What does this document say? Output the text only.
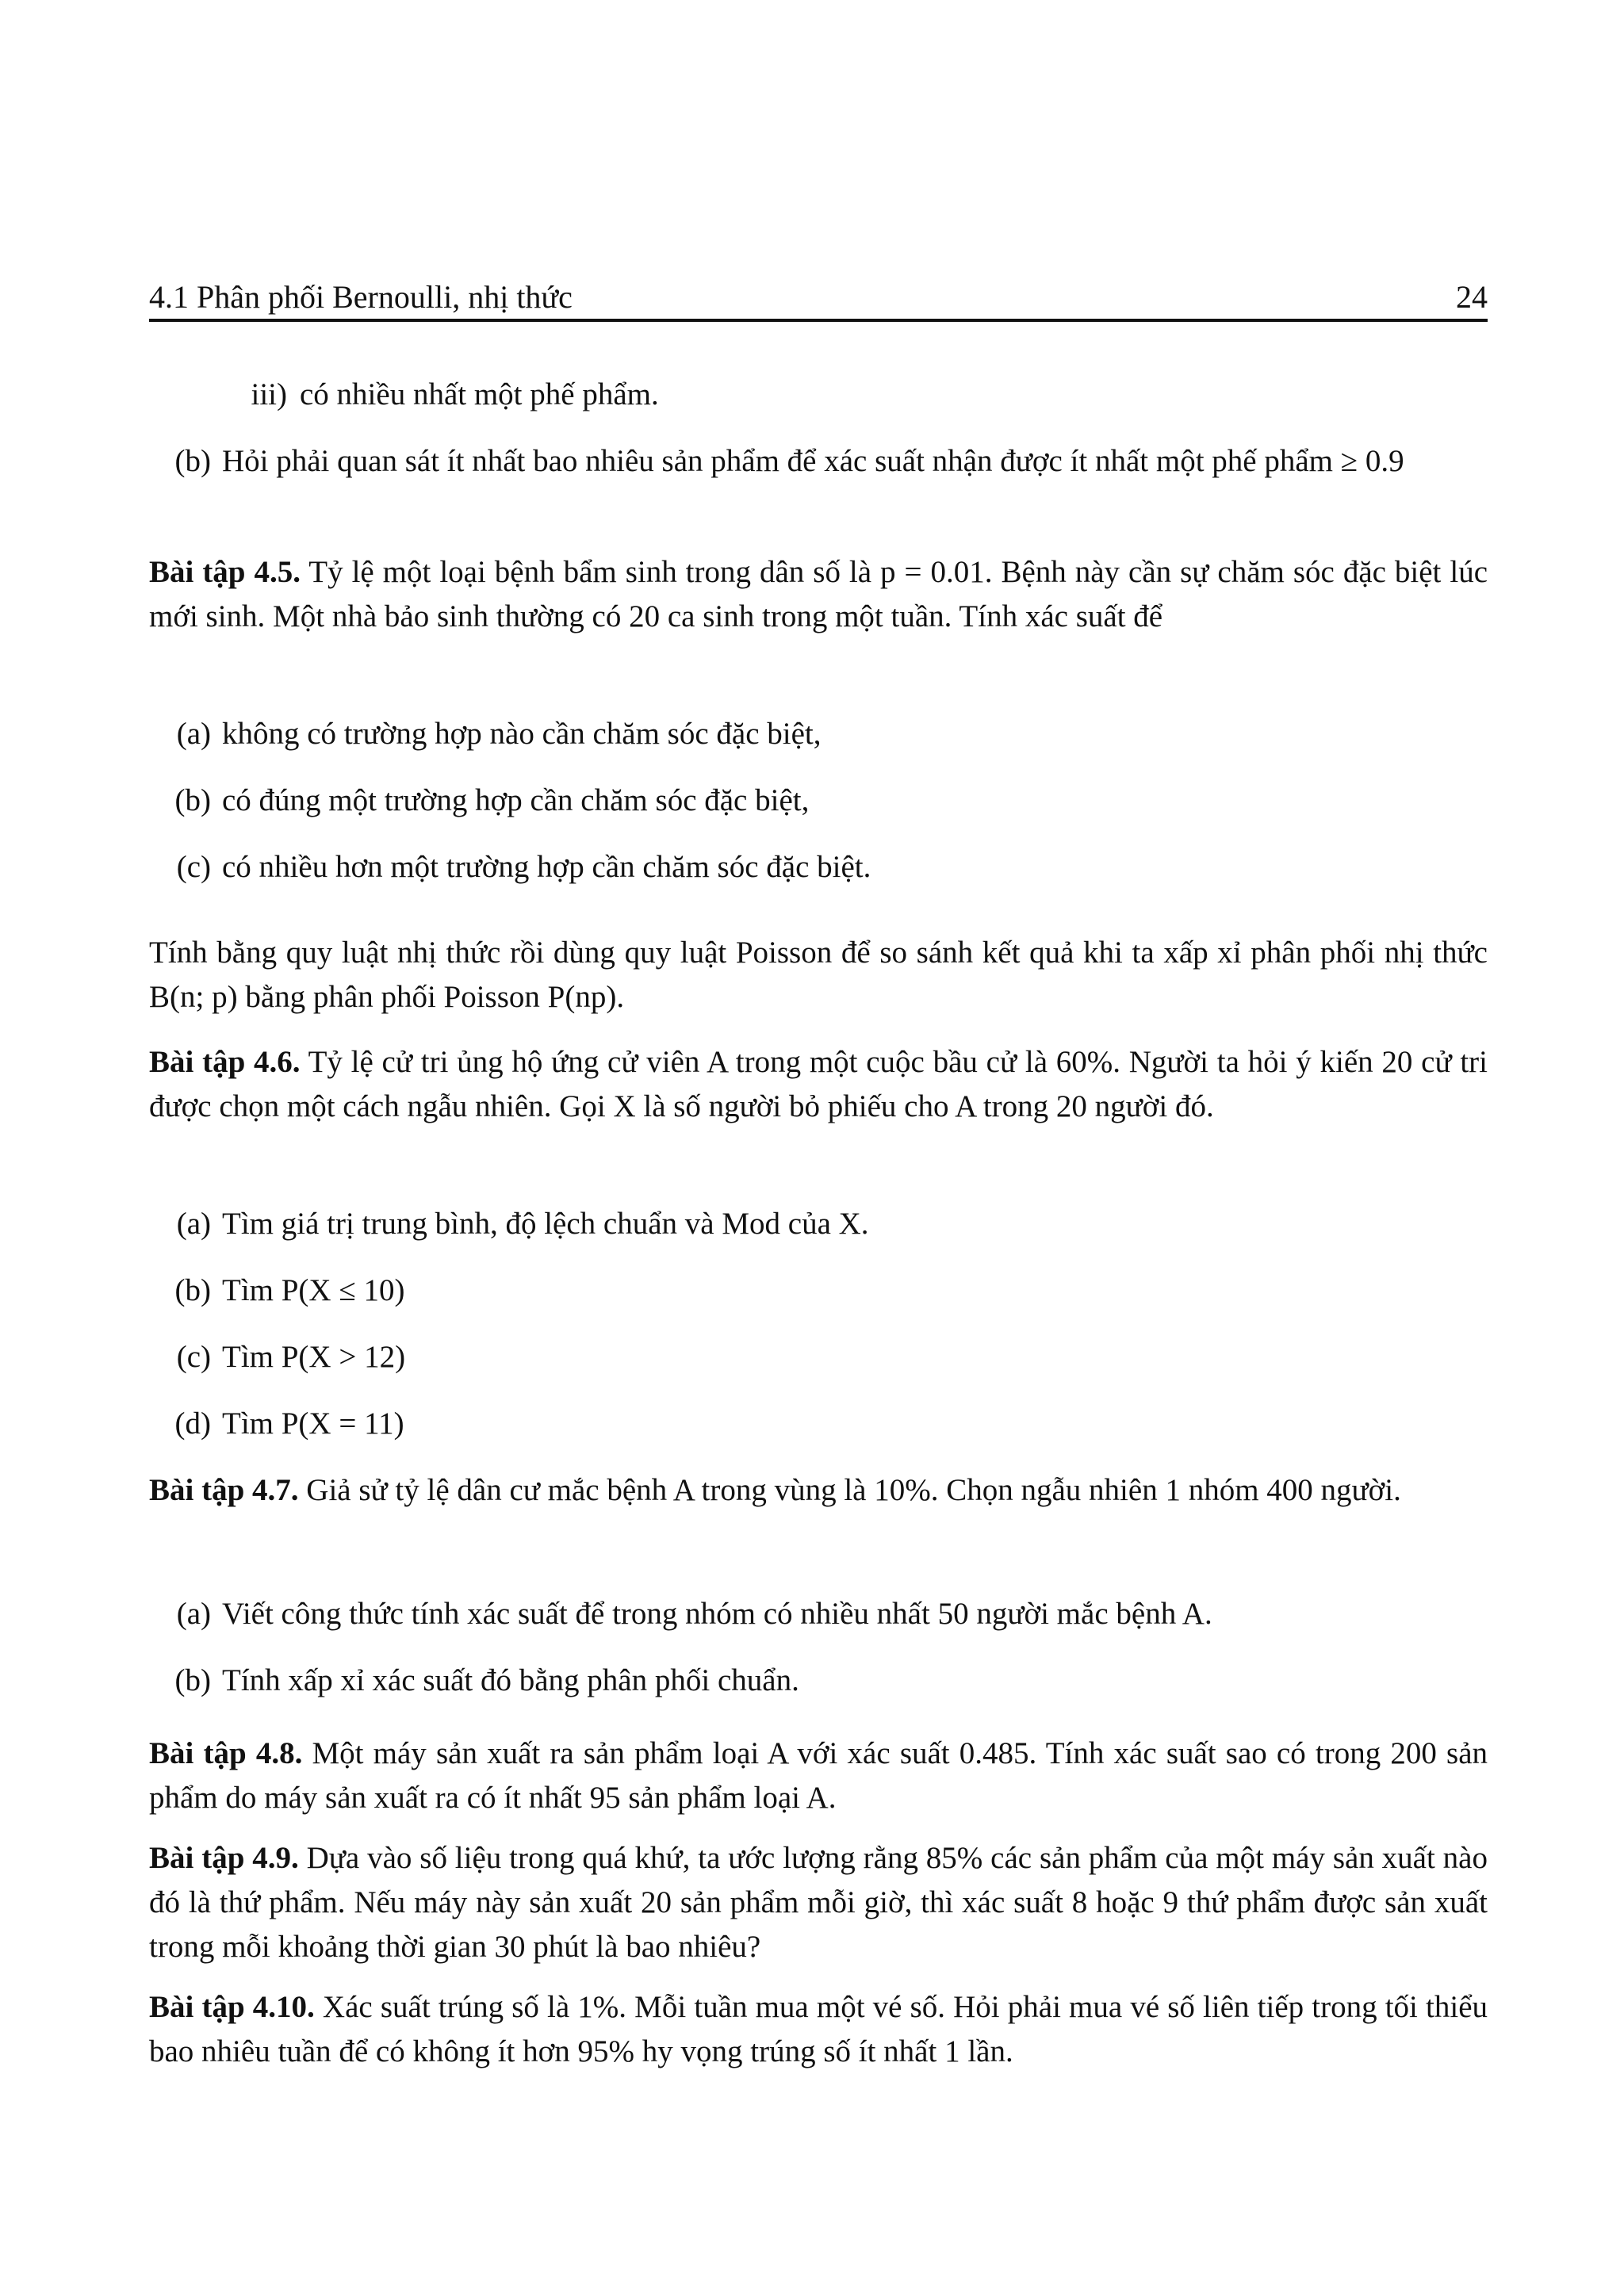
4.1 Phân phối Bernoulli, nhị thức	24
iii) có nhiều nhất một phế phẩm.
(b) Hỏi phải quan sát ít nhất bao nhiêu sản phẩm để xác suất nhận được ít nhất một phế phẩm ≥ 0.9
Bài tập 4.5. Tỷ lệ một loại bệnh bẩm sinh trong dân số là p = 0.01. Bệnh này cần sự chăm sóc đặc biệt lúc mới sinh. Một nhà bảo sinh thường có 20 ca sinh trong một tuần. Tính xác suất để
(a) không có trường hợp nào cần chăm sóc đặc biệt,
(b) có đúng một trường hợp cần chăm sóc đặc biệt,
(c) có nhiều hơn một trường hợp cần chăm sóc đặc biệt.
Tính bằng quy luật nhị thức rồi dùng quy luật Poisson để so sánh kết quả khi ta xấp xỉ phân phối nhị thức B(n; p) bằng phân phối Poisson P(np).
Bài tập 4.6. Tỷ lệ cử tri ủng hộ ứng cử viên A trong một cuộc bầu cử là 60%. Người ta hỏi ý kiến 20 cử tri được chọn một cách ngẫu nhiên. Gọi X là số người bỏ phiếu cho A trong 20 người đó.
(a) Tìm giá trị trung bình, độ lệch chuẩn và Mod của X.
(b) Tìm P(X ≤ 10)
(c) Tìm P(X > 12)
(d) Tìm P(X = 11)
Bài tập 4.7. Giả sử tỷ lệ dân cư mắc bệnh A trong vùng là 10%. Chọn ngẫu nhiên 1 nhóm 400 người.
(a) Viết công thức tính xác suất để trong nhóm có nhiều nhất 50 người mắc bệnh A.
(b) Tính xấp xỉ xác suất đó bằng phân phối chuẩn.
Bài tập 4.8. Một máy sản xuất ra sản phẩm loại A với xác suất 0.485. Tính xác suất sao có trong 200 sản phẩm do máy sản xuất ra có ít nhất 95 sản phẩm loại A.
Bài tập 4.9. Dựa vào số liệu trong quá khứ, ta ước lượng rằng 85% các sản phẩm của một máy sản xuất nào đó là thứ phẩm. Nếu máy này sản xuất 20 sản phẩm mỗi giờ, thì xác suất 8 hoặc 9 thứ phẩm được sản xuất trong mỗi khoảng thời gian 30 phút là bao nhiêu?
Bài tập 4.10. Xác suất trúng số là 1%. Mỗi tuần mua một vé số. Hỏi phải mua vé số liên tiếp trong tối thiểu bao nhiêu tuần để có không ít hơn 95% hy vọng trúng số ít nhất 1 lần.
